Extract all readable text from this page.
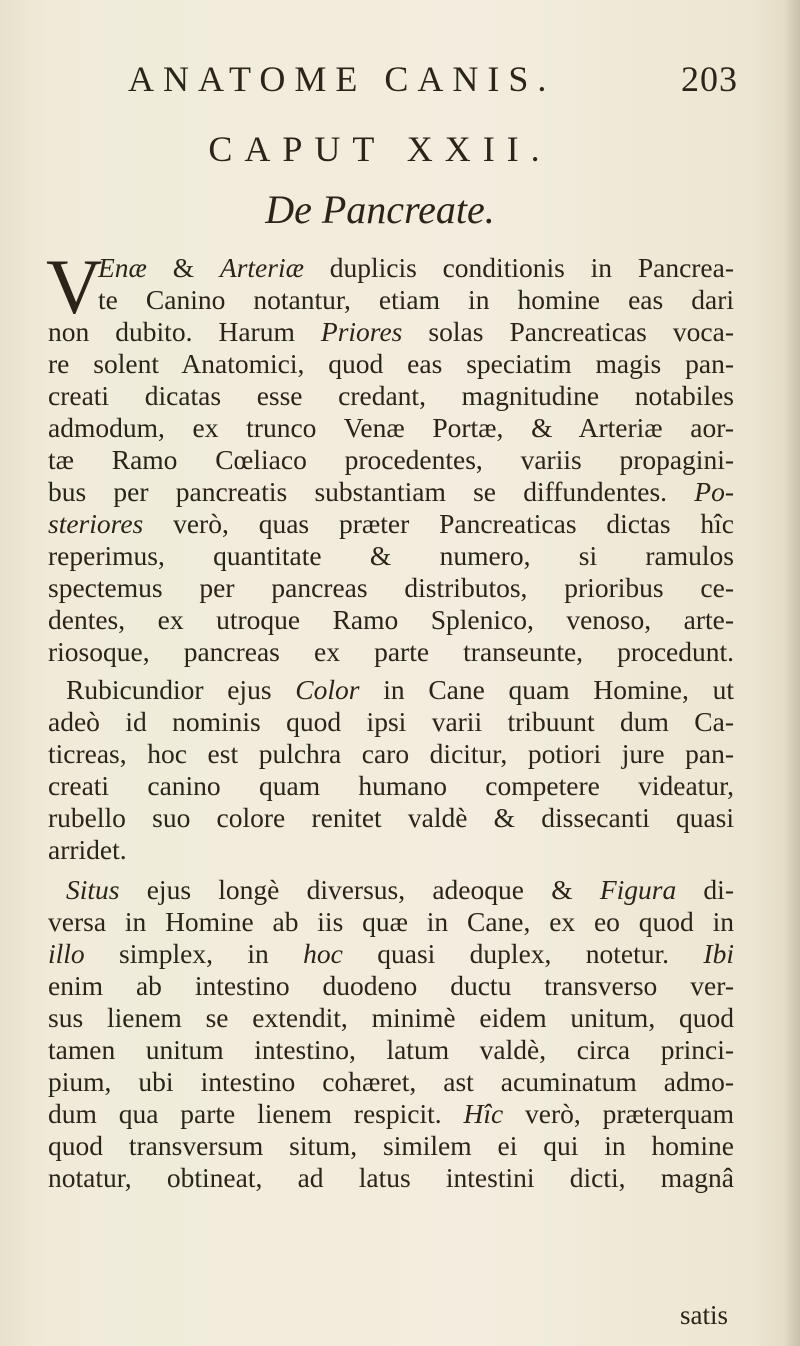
ANATOME CANIS.	203
CAPUT XXII.
De Pancreate.
V
Enæ & Arteriæ duplicis conditionis in Pancrea-
te Canino notantur, etiam in homine eas dari
non dubito. Harum Priores solas Pancreaticas voca-
re solent Anatomici, quod eas speciatim magis pan-
creati dicatas esse credant, magnitudine notabiles
admodum, ex trunco Venæ Portæ, & Arteriæ aor-
tæ Ramo Cœliaco procedentes, variis propagini-
bus per pancreatis substantiam se diffundentes. Po-
steriores verò, quas præter Pancreaticas dictas hîc
reperimus, quantitate & numero, si ramulos
spectemus per pancreas distributos, prioribus ce-
dentes, ex utroque Ramo Splenico, venoso, arte-
riosoque, pancreas ex parte transeunte, procedunt.
Rubicundior ejus Color in Cane quam Homine, ut
adeò id nominis quod ipsi varii tribuunt dum Ca-
ticreas, hoc est pulchra caro dicitur, potiori jure pan-
creati canino quam humano competere videatur,
rubello suo colore renitet valdè & dissecanti quasi
arridet.
Situs ejus longè diversus, adeoque & Figura di-
versa in Homine ab iis quæ in Cane, ex eo quod in
illo simplex, in hoc quasi duplex, notetur. Ibi
enim ab intestino duodeno ductu transverso ver-
sus lienem se extendit, minimè eidem unitum, quod
tamen unitum intestino, latum valdè, circa princi-
pium, ubi intestino cohæret, ast acuminatum admo-
dum qua parte lienem respicit. Hîc verò, præterquam
quod transversum situm, similem ei qui in homine
notatur, obtineat, ad latus intestini dicti, magnâ
satis
